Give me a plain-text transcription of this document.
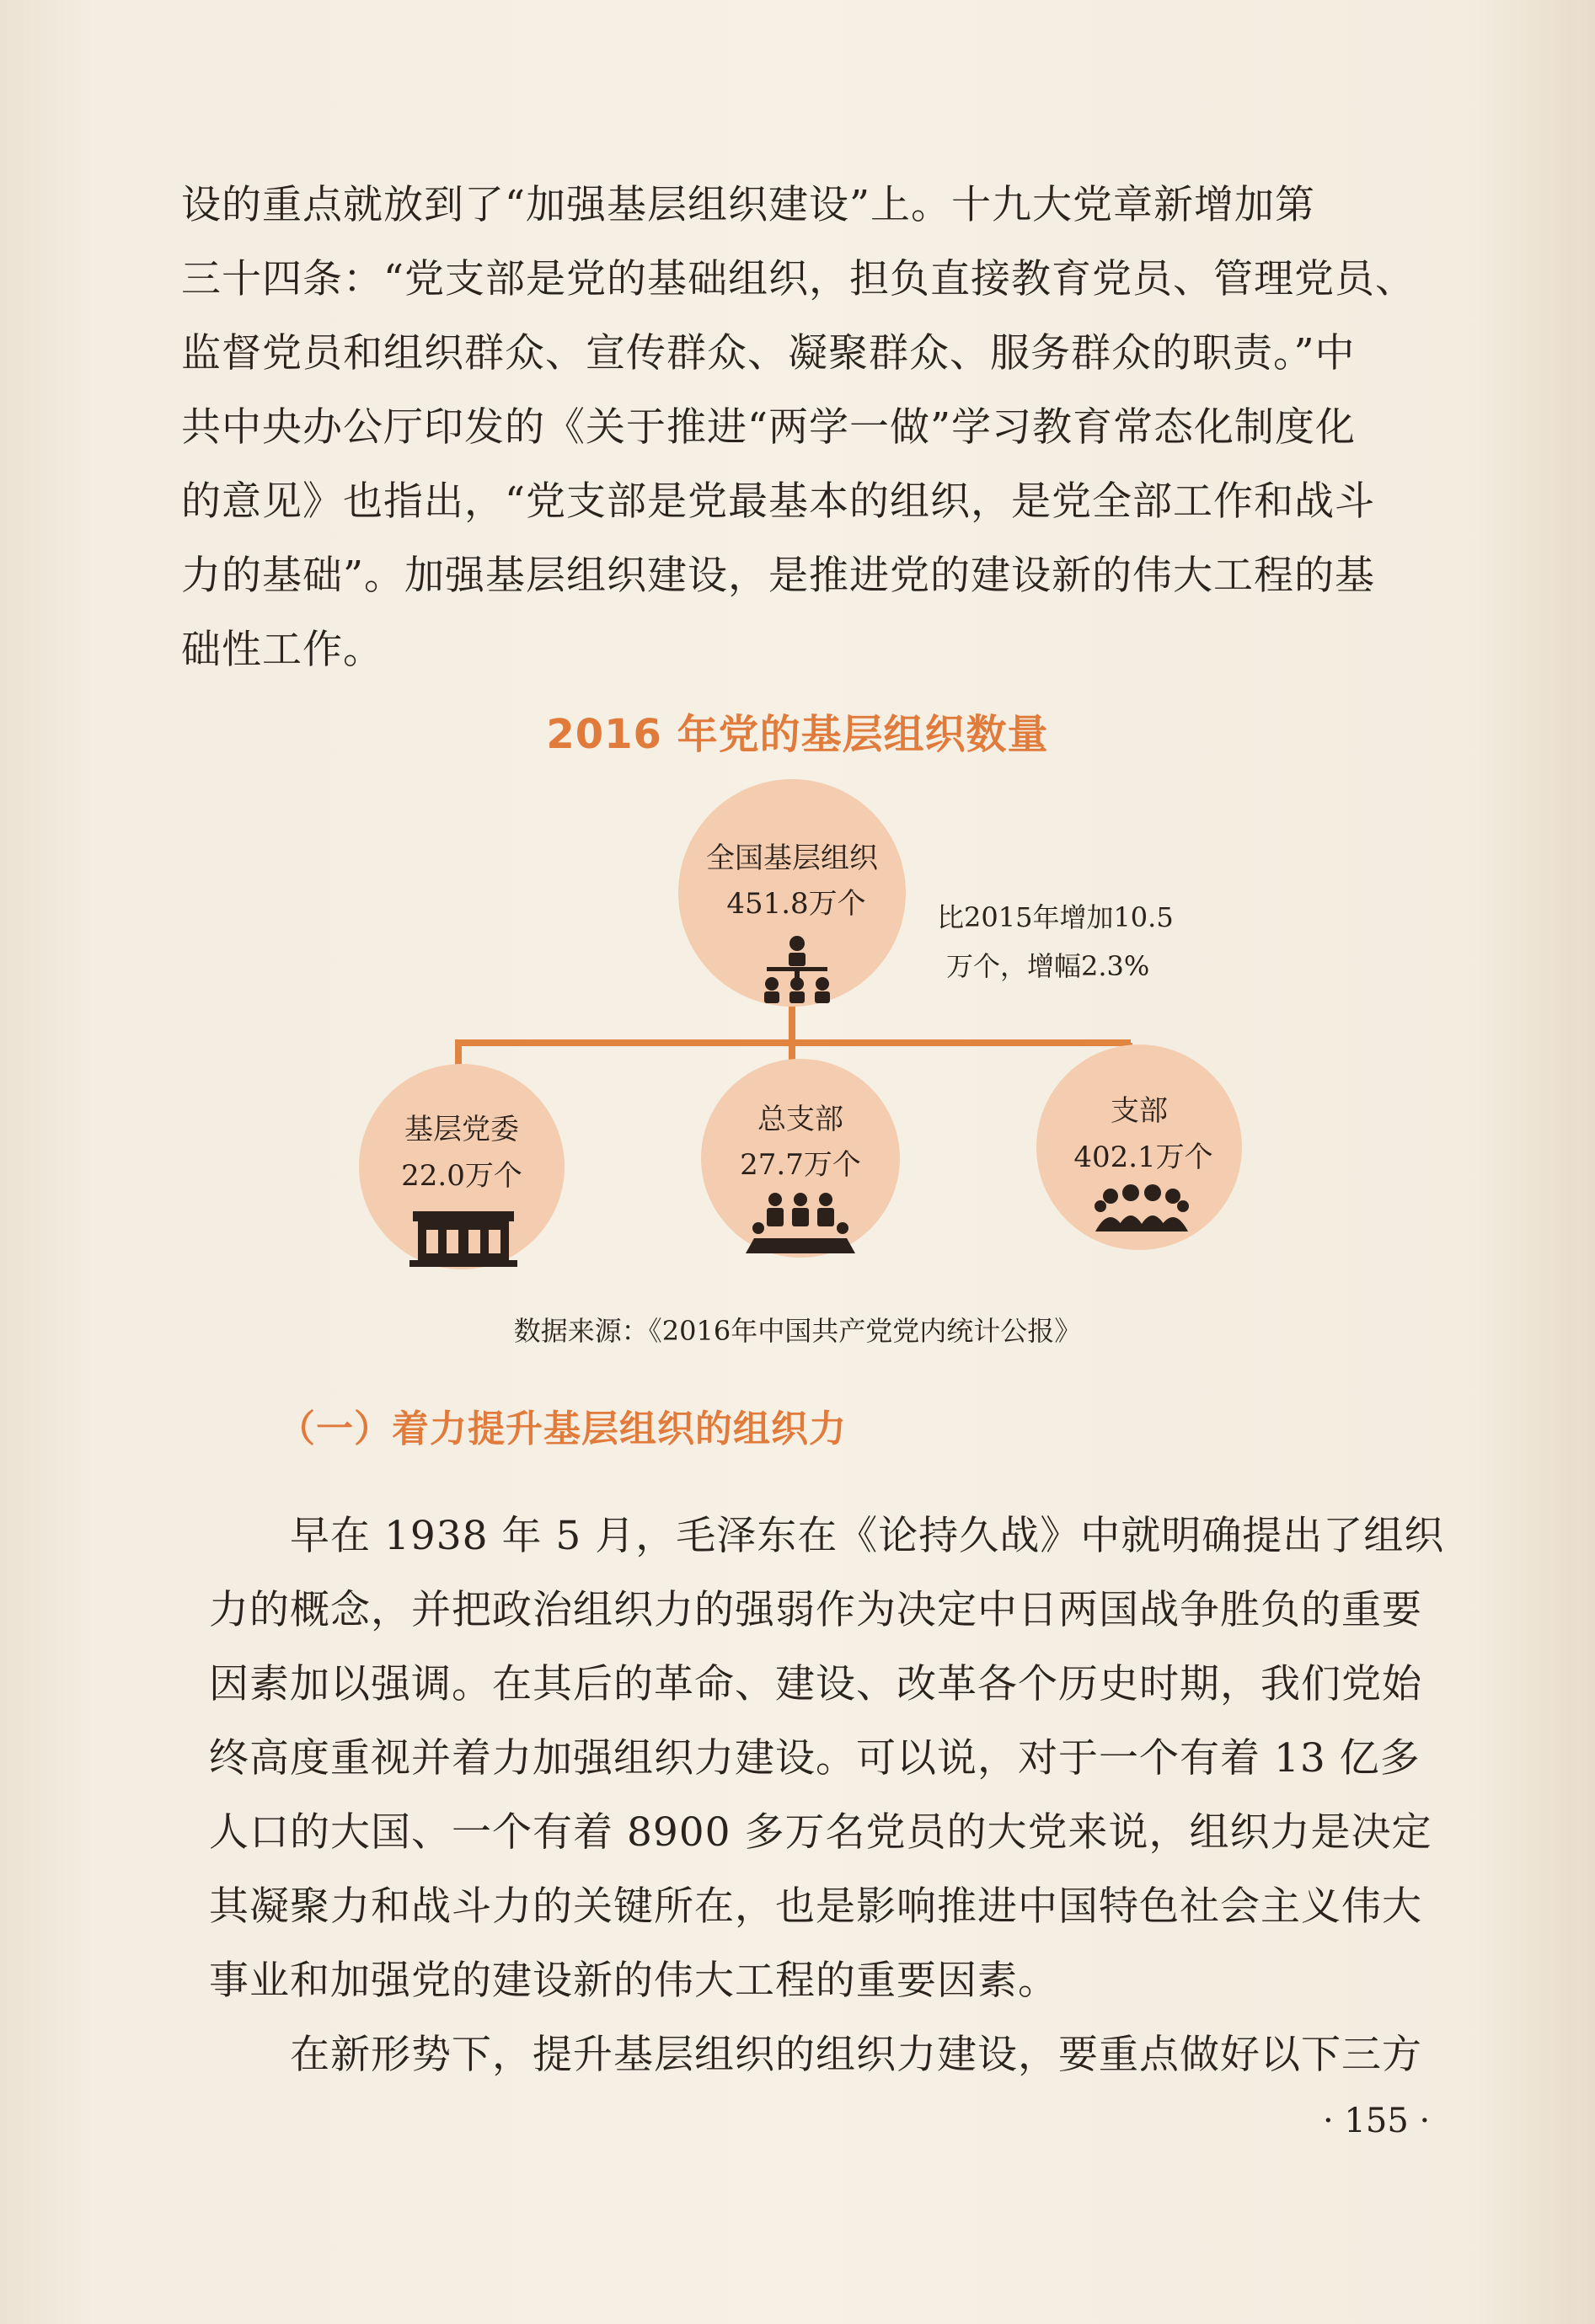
设的重点就放到了“加强基层组织建设”上。十九大党章新增加第
三十四条：“党支部是党的基础组织，担负直接教育党员、管理党员、
监督党员和组织群众、宣传群众、凝聚群众、服务群众的职责。”中
共中央办公厅印发的《关于推进“两学一做”学习教育常态化制度化
的意见》也指出，“党支部是党最基本的组织，是党全部工作和战斗
力的基础”。加强基层组织建设，是推进党的建设新的伟大工程的基
础性工作。
2016 年党的基层组织数量
全国基层组织
451.8万个	比2015年增加10.5
万个，增幅2.3%
基层党委
22.0万个
总支部
27.7万个
支部
402.1万个
数据来源：《2016年中国共产党党内统计公报》
（一）着力提升基层组织的组织力
早在 1938 年 5 月，毛泽东在《论持久战》中就明确提出了组织
力的概念，并把政治组织力的强弱作为决定中日两国战争胜负的重要
因素加以强调。在其后的革命、建设、改革各个历史时期，我们党始
终高度重视并着力加强组织力建设。可以说，对于一个有着 13 亿多
人口的大国、一个有着 8900 多万名党员的大党来说，组织力是决定
其凝聚力和战斗力的关键所在，也是影响推进中国特色社会主义伟大
事业和加强党的建设新的伟大工程的重要因素。
在新形势下，提升基层组织的组织力建设，要重点做好以下三方
· 155 ·
